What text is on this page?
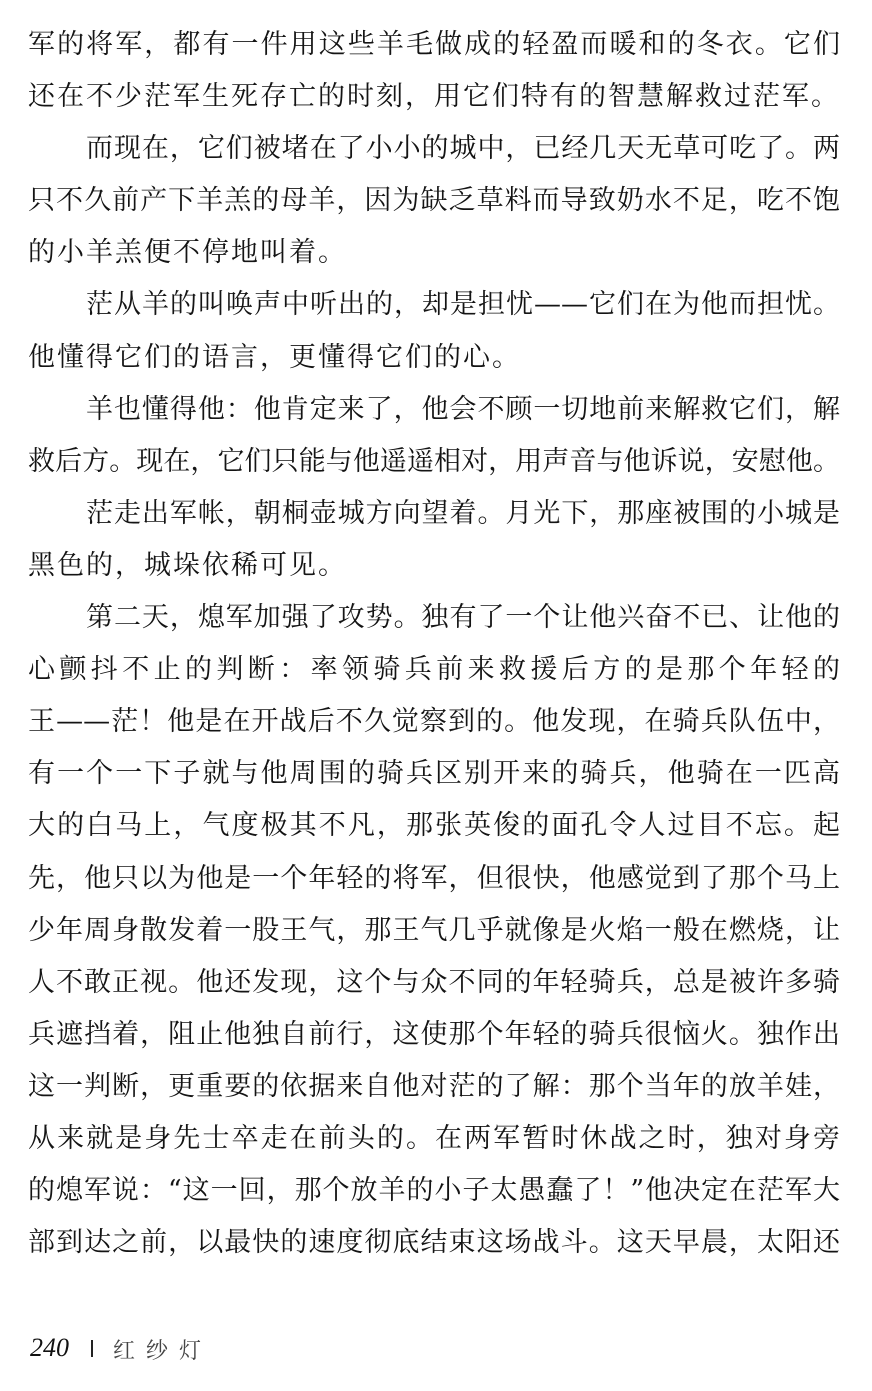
军的将军，都有一件用这些羊毛做成的轻盈而暖和的冬衣。它们
还在不少茫军生死存亡的时刻，用它们特有的智慧解救过茫军。
而现在，它们被堵在了小小的城中，已经几天无草可吃了。两
只不久前产下羊羔的母羊，因为缺乏草料而导致奶水不足，吃不饱
的小羊羔便不停地叫着。
茫从羊的叫唤声中听出的，却是担忧——它们在为他而担忧。
他懂得它们的语言，更懂得它们的心。
羊也懂得他：他肯定来了，他会不顾一切地前来解救它们，解
救后方。现在，它们只能与他遥遥相对，用声音与他诉说，安慰他。
茫走出军帐，朝桐壶城方向望着。月光下，那座被围的小城是
黑色的，城垛依稀可见。
第二天，熄军加强了攻势。独有了一个让他兴奋不已、让他的
心颤抖不止的判断：率领骑兵前来救援后方的是那个年轻的
王——茫！他是在开战后不久觉察到的。他发现，在骑兵队伍中，
有一个一下子就与他周围的骑兵区别开来的骑兵，他骑在一匹高
大的白马上，气度极其不凡，那张英俊的面孔令人过目不忘。起
先，他只以为他是一个年轻的将军，但很快，他感觉到了那个马上
少年周身散发着一股王气，那王气几乎就像是火焰一般在燃烧，让
人不敢正视。他还发现，这个与众不同的年轻骑兵，总是被许多骑
兵遮挡着，阻止他独自前行，这使那个年轻的骑兵很恼火。独作出
这一判断，更重要的依据来自他对茫的了解：那个当年的放羊娃，
从来就是身先士卒走在前头的。在两军暂时休战之时，独对身旁
的熄军说：“这一回，那个放羊的小子太愚蠢了！”他决定在茫军大
部到达之前，以最快的速度彻底结束这场战斗。这天早晨，太阳还
240 红纱灯
